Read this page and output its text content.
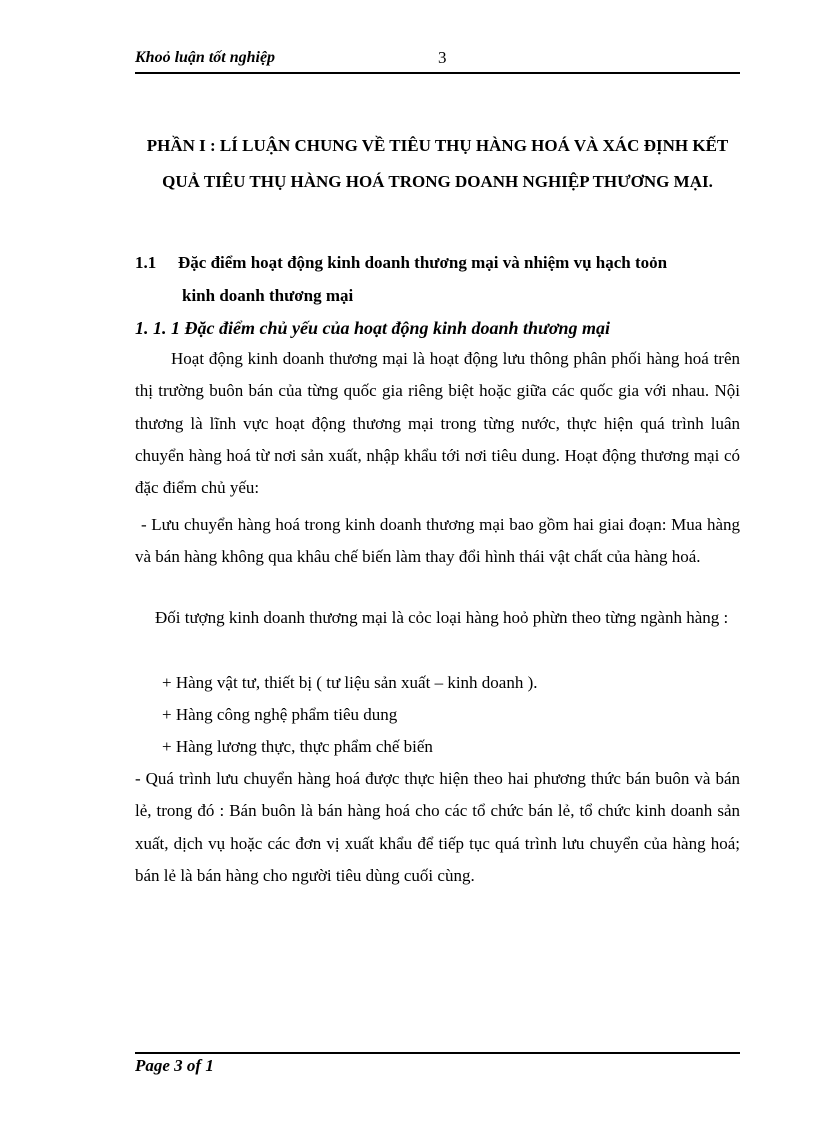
Khoỏ luận tốt nghiệp	3
PHẦN I : LÍ LUẬN CHUNG VỀ TIÊU THỤ HÀNG HOÁ VÀ XÁC ĐỊNH KẾT QUẢ TIÊU THỤ HÀNG HOÁ TRONG DOANH NGHIỆP THƯƠNG MẠI.
1.1 Đặc điểm hoạt động kinh doanh thương mại và nhiệm vụ hạch toỏn
kinh doanh thương mại
1. 1. 1 Đặc điểm chủ yếu của hoạt động kinh doanh thương mại
Hoạt động kinh doanh thương mại là hoạt động lưu thông phân phối hàng hoá trên thị trường buôn bán của từng quốc gia riêng biệt hoặc giữa các quốc gia với nhau. Nội thương là lĩnh vực hoạt động thương mại trong từng nước, thực hiện quá trình luân chuyển hàng hoá từ nơi sản xuất, nhập khẩu tới nơi tiêu dung. Hoạt động thương mại có đặc điểm chủ yếu:
- Lưu chuyển hàng hoá trong kinh doanh thương mại bao gồm hai giai đoạn: Mua hàng và bán hàng không qua khâu chế biến làm thay đổi hình thái vật chất của hàng hoá.
Đối tượng kinh doanh thương mại là cỏc loại hàng hoỏ phừn theo từng ngành hàng :
+ Hàng vật tư, thiết bị ( tư liệu sản xuất – kinh doanh ).
+ Hàng công nghệ phẩm tiêu dung
+ Hàng lương thực, thực phẩm chế biến
- Quá trình lưu chuyển hàng hoá được thực hiện theo hai phương thức bán buôn và bán lẻ, trong đó : Bán buôn là bán hàng hoá cho các tổ chức bán lẻ, tổ chức kinh doanh sản xuất, dịch vụ hoặc các đơn vị xuất khẩu để tiếp tục quá trình lưu chuyển của hàng hoá; bán lẻ là bán hàng cho người tiêu dùng cuối cùng.
Page 3 of 1
